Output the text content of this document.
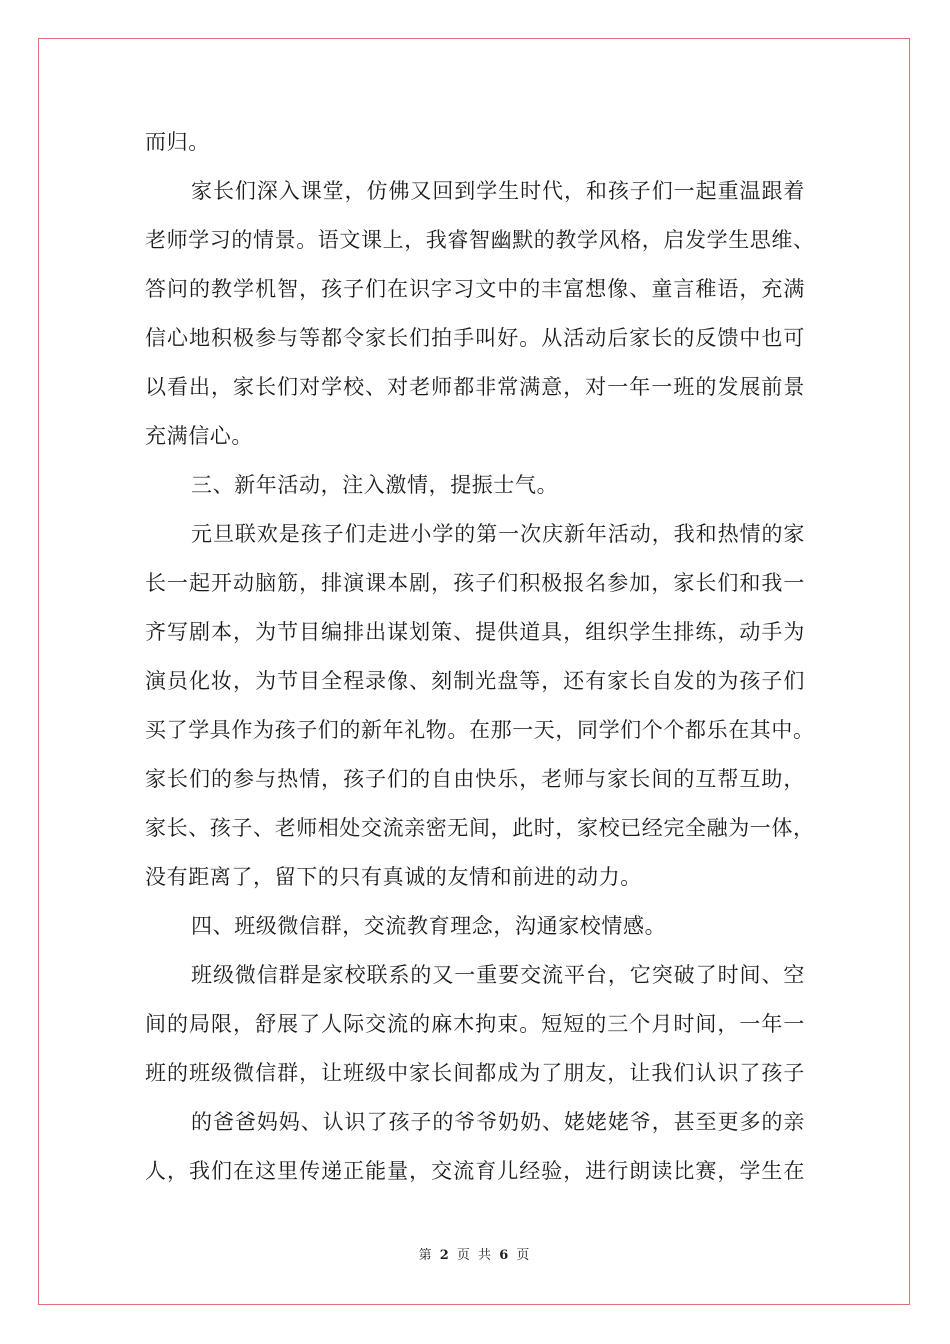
而归。
家长们深入课堂，仿佛又回到学生时代，和孩子们一起重温跟着
老师学习的情景。语文课上，我睿智幽默的教学风格，启发学生思维、
答问的教学机智，孩子们在识字习文中的丰富想像、童言稚语，充满
信心地积极参与等都令家长们拍手叫好。从活动后家长的反馈中也可
以看出，家长们对学校、对老师都非常满意，对一年一班的发展前景
充满信心。
三、新年活动，注入激情，提振士气。
元旦联欢是孩子们走进小学的第一次庆新年活动，我和热情的家
长一起开动脑筋，排演课本剧，孩子们积极报名参加，家长们和我一
齐写剧本，为节目编排出谋划策、提供道具，组织学生排练，动手为
演员化妆，为节目全程录像、刻制光盘等，还有家长自发的为孩子们
买了学具作为孩子们的新年礼物。在那一天，同学们个个都乐在其中。
家长们的参与热情，孩子们的自由快乐，老师与家长间的互帮互助，
家长、孩子、老师相处交流亲密无间，此时，家校已经完全融为一体，
没有距离了，留下的只有真诚的友情和前进的动力。
四、班级微信群，交流教育理念，沟通家校情感。
班级微信群是家校联系的又一重要交流平台，它突破了时间、空
间的局限，舒展了人际交流的麻木拘束。短短的三个月时间，一年一
班的班级微信群，让班级中家长间都成为了朋友，让我们认识了孩子
的爸爸妈妈、认识了孩子的爷爷奶奶、姥姥姥爷，甚至更多的亲
人，我们在这里传递正能量，交流育儿经验，进行朗读比赛，学生在
第 2 页 共 6 页
